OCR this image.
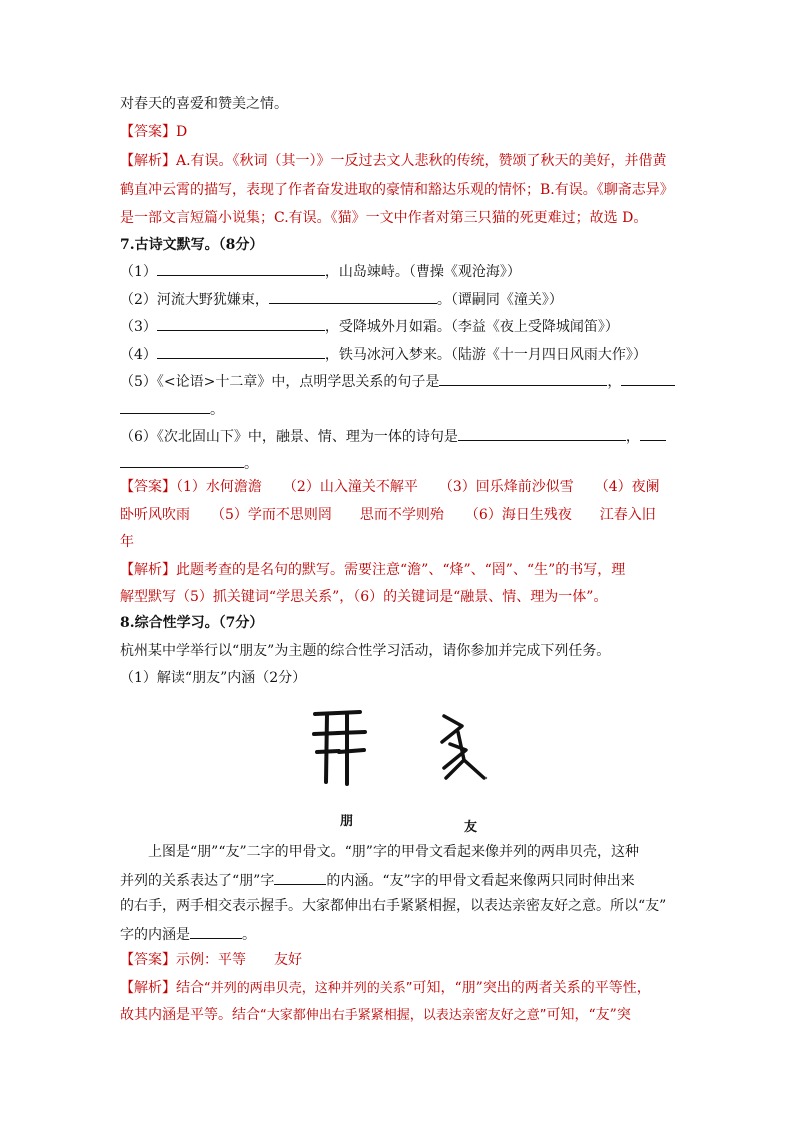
对春天的喜爱和赞美之情。
【答案】D
【解析】A.有误。《秋词（其一）》一反过去文人悲秋的传统，赞颂了秋天的美好，并借黄
鹤直冲云霄的描写，表现了作者奋发进取的豪情和豁达乐观的情怀；B.有误。《聊斋志异》
是一部文言短篇小说集；C.有误。《猫》一文中作者对第三只猫的死更难过；故选 D。
7.古诗文默写。（8分）
（1）	，山岛竦峙。（曹操《观沧海》）
（2）河流大野犹嫌束，	。（谭嗣同《潼关》）
（3）	，受降城外月如霜。（李益《夜上受降城闻笛》）
（4）	，铁马冰河入梦来。（陆游《十一月四日风雨大作》）
（5）《<论语>十二章》中，点明学思关系的句子是	，
。
（6）《次北固山下》中，融景、情、理为一体的诗句是	，
。
【答案】（1）水何澹澹　　（2）山入潼关不解平　　（3）回乐烽前沙似雪　　（4）夜阑
卧听风吹雨　　（5）学而不思则罔　　思而不学则殆　　（6）海日生残夜　　江春入旧
年
【解析】此题考查的是名句的默写。需要注意“澹”、“烽”、“罔”、“生”的书写，理
解型默写（5）抓关键词“学思关系”，（6）的关键词是“融景、情、理为一体”。
8.综合性学习。（7分）
杭州某中学举行以“朋友”为主题的综合性学习活动，请你参加并完成下列任务。
（1）解读“朋友”内涵（2分）
朋	友
上图是“朋”“友”二字的甲骨文。“朋”字的甲骨文看起来像并列的两串贝壳，这种
并列的关系表达了“朋”字	的内涵。“友”字的甲骨文看起来像两只同时伸出来
的右手，两手相交表示握手。大家都伸出右手紧紧相握，以表达亲密友好之意。所以“友”
字的内涵是	。
【答案】示例：平等　　友好
【解析】结合“并列的两串贝壳，这种并列的关系”可知，“朋”突出的两者关系的平等性，
故其内涵是平等。结合“大家都伸出右手紧紧相握，以表达亲密友好之意”可知，“友”突
